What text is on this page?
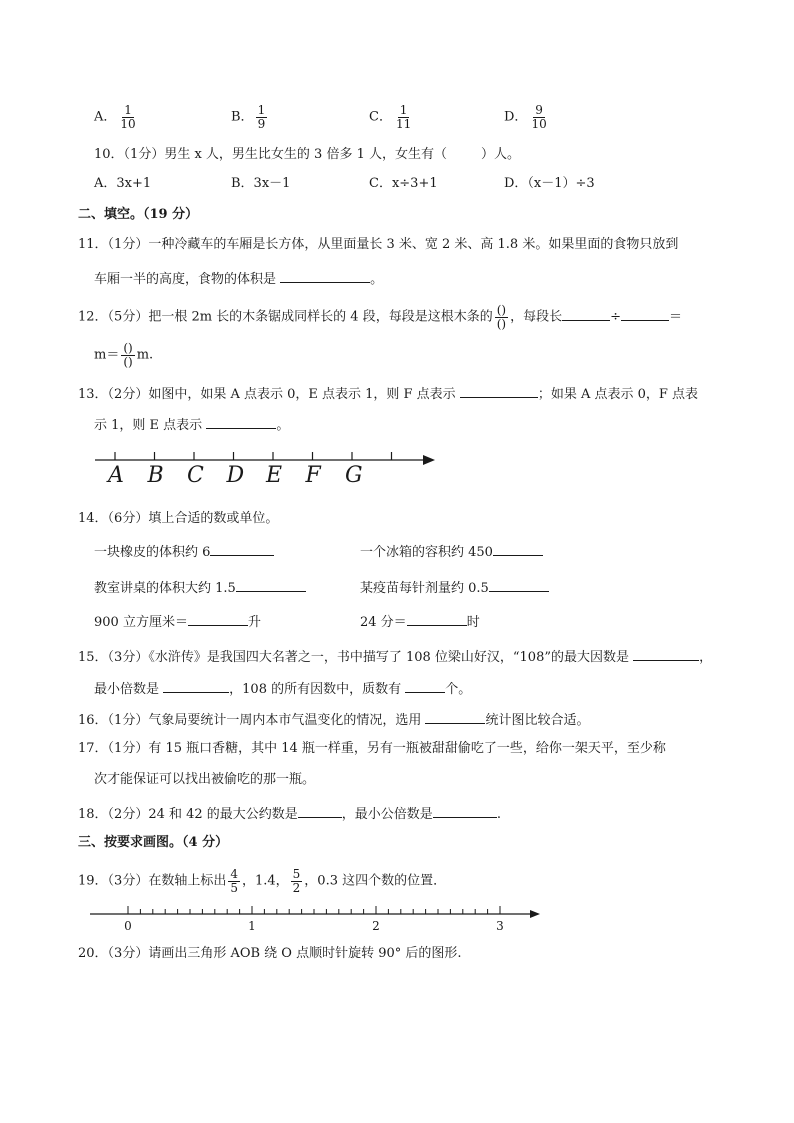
A． $\frac{1}{10}$	B． $\frac{1}{9}$	C． $\frac{1}{11}$	D． $\frac{9}{10}$
10．（1分）男生 x 人，男生比女生的 3 倍多 1 人，女生有（	）人。
A．3x+1	B．3x－1	C．x÷3+1	D．（x－1）÷3
二、填空。（19 分）
11．（1分）一种冷藏车的车厢是长方体，从里面量长 3 米、宽 2 米、高 1.8 米。如果里面的食物只放到
车厢一半的高度，食物的体积是	。
12．（5分）把一根 2m 长的木条锯成同样长的 4 段，每段是这根木条的 $\frac{()}{()}$ ，每段长	÷	＝
$m= \frac{()}{()} m$.
13．（2分）如图中，如果 A 点表示 0，E 点表示 1，则 F 点表示	；如果 A 点表示 0，F 点表
示 1，则 E 点表示	。
A B C D E F G
14．（6分）填上合适的数或单位。
一块橡皮的体积约 6	一个冰箱的容积约 450
教室讲桌的体积大约 1.5	某疫苗每针剂量约 0.5
900 立方厘米＝	升	24 分＝	时
15．（3分）《水浒传》是我国四大名著之一，书中描写了 108 位梁山好汉，“108”的最大因数是	，
最小倍数是	，108 的所有因数中，质数有	个。
16．（1分）气象局要统计一周内本市气温变化的情况，选用	统计图比较合适。
17．（1分）有 15 瓶口香糖，其中 14 瓶一样重，另有一瓶被甜甜偷吃了一些，给你一架天平，至少称
次才能保证可以找出被偷吃的那一瓶。
18．（2分）24 和 42 的最大公约数是	，最小公倍数是	.
三、按要求画图。（4 分）
19．（3分）在数轴上标出 $\frac{4}{5}$ ，1.4， $\frac{5}{2}$ ，0.3 这四个数的位置．
0	1	2	3
20．（3分）请画出三角形 AOB 绕 O 点顺时针旋转 90° 后的图形.
